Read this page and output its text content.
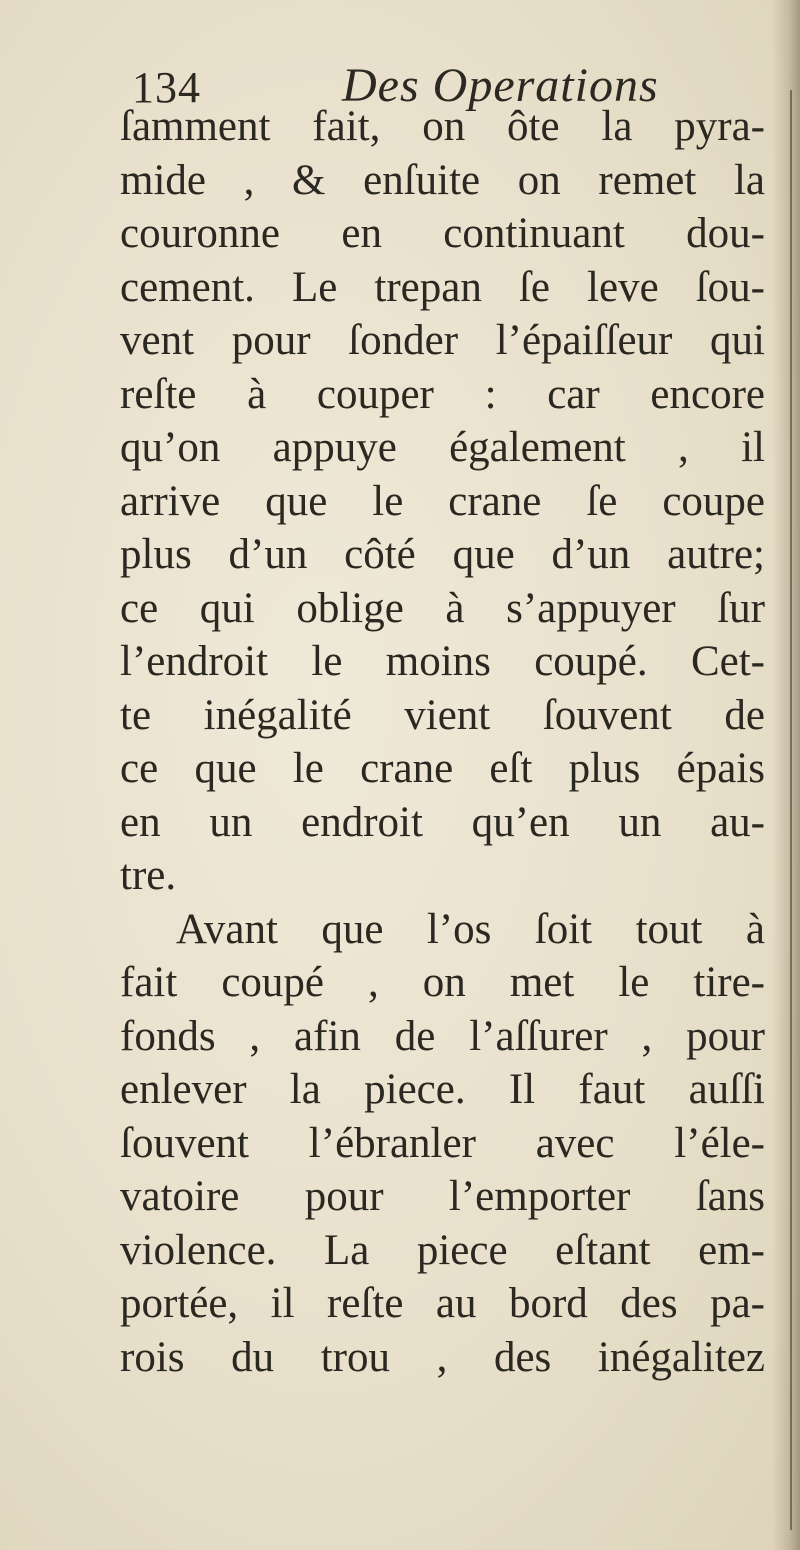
134	Des Operations
ſamment fait, on ôte la pyra-
mide , & enſuite on remet la
couronne en continuant dou-
cement. Le trepan ſe leve ſou-
vent pour ſonder l’épaiſſeur qui
reſte à couper : car encore
qu’on appuye également , il
arrive que le crane ſe coupe
plus d’un côté que d’un autre;
ce qui oblige à s’appuyer ſur
l’endroit le moins coupé. Cet-
te inégalité vient ſouvent de
ce que le crane eſt plus épais
en un endroit qu’en un au-
tre.
Avant que l’os ſoit tout à
fait coupé , on met le tire-
fonds , afin de l’aſſurer , pour
enlever la piece. Il faut auſſi
ſouvent l’ébranler avec l’éle-
vatoire pour l’emporter ſans
violence. La piece eſtant em-
portée, il reſte au bord des pa-
rois du trou , des inégalitez
